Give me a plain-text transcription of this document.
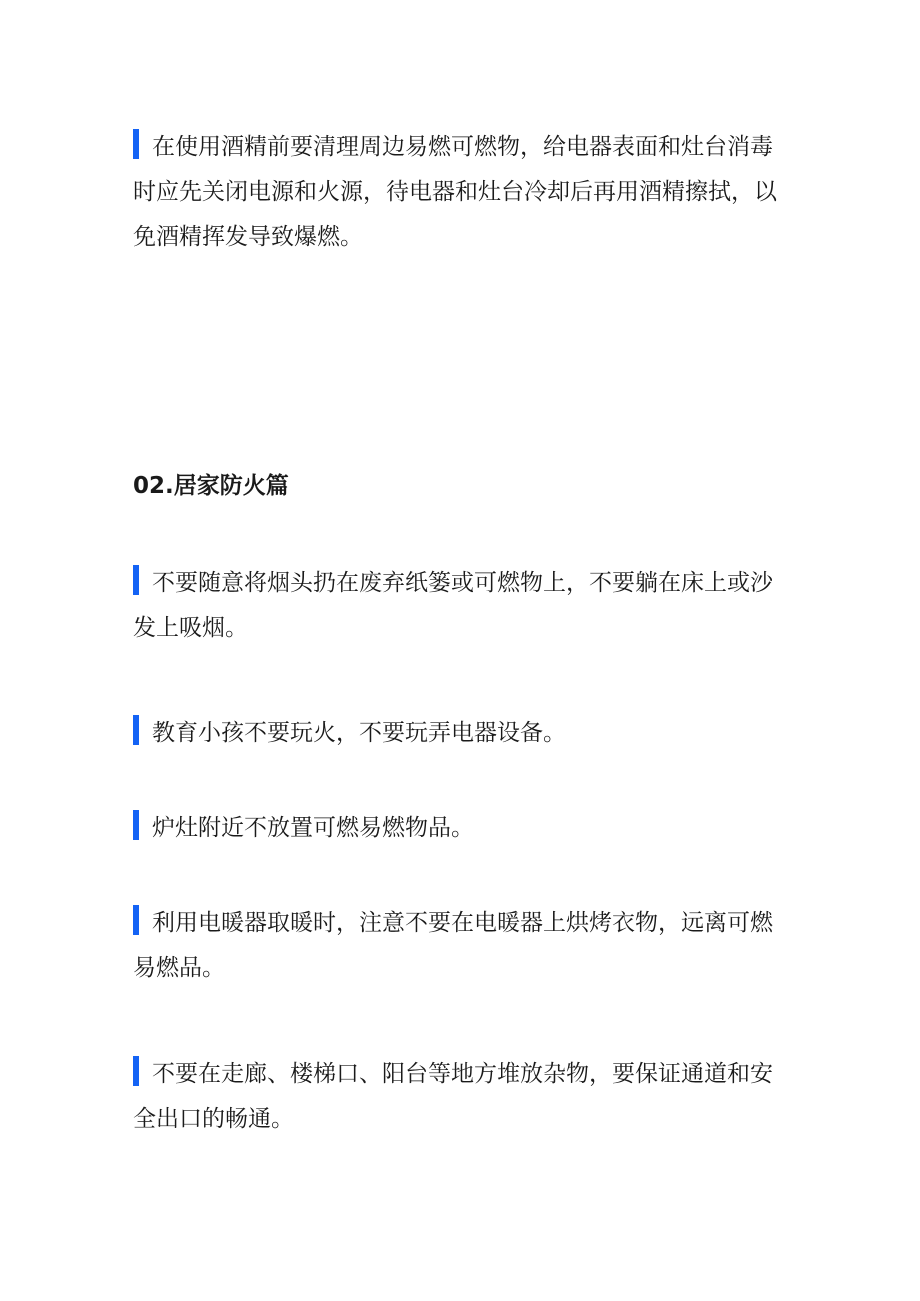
在使用酒精前要清理周边易燃可燃物，给电器表面和灶台消毒时应先关闭电源和火源，待电器和灶台冷却后再用酒精擦拭，以免酒精挥发导致爆燃。

02.居家防火篇

不要随意将烟头扔在废弃纸篓或可燃物上，不要躺在床上或沙发上吸烟。

教育小孩不要玩火，不要玩弄电器设备。

炉灶附近不放置可燃易燃物品。

利用电暖器取暖时，注意不要在电暖器上烘烤衣物，远离可燃易燃品。

不要在走廊、楼梯口、阳台等地方堆放杂物，要保证通道和安全出口的畅通。
